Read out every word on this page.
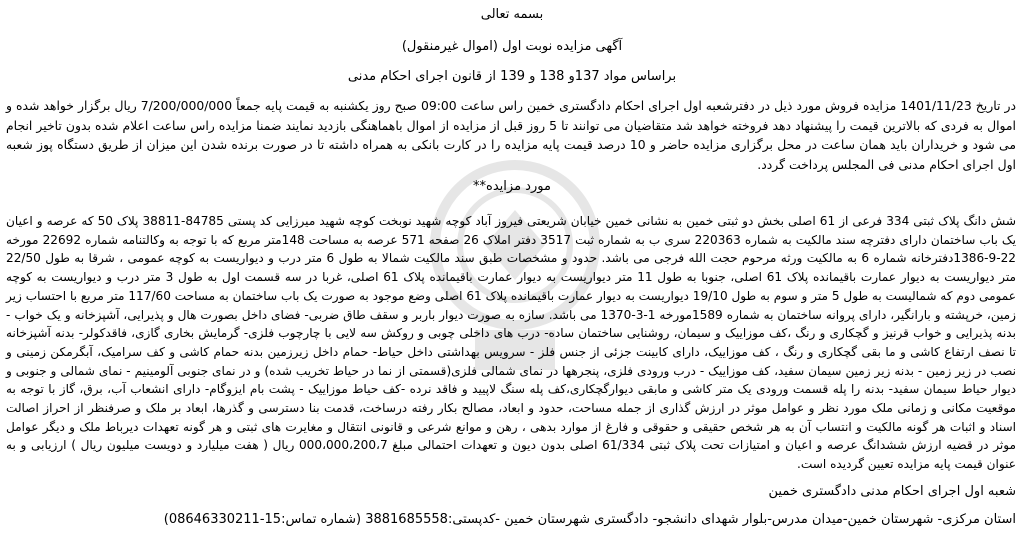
بسمه تعالی

آگهی مزایده نوبت اول (اموال غیرمنقول)

براساس مواد 137و 138 و 139 از قانون اجرای احکام مدنی

در تاریخ 1401/11/23 مزایده فروش مورد ذیل در دفترشعبه اول اجرای احکام دادگستری خمین راس ساعت 09:00 صبح روز یکشنبه به قیمت پایه جمعاً 7/200/000/000 ریال برگزار خواهد شده و اموال به فردی که بالاترین قیمت را پیشنهاد دهد فروخته خواهد شد متقاضیان می توانند تا 5 روز قبل از مزایده از اموال باهماهنگی بازدید نمایند ضمنا مزایده راس ساعت اعلام شده بدون تاخیر انجام می شود و خریداران باید همان ساعت در محل برگزاری مزایده حاضر و 10 درصد قیمت پایه مزایده را در کارت بانکی به همراه داشته تا در صورت برنده شدن این میزان از طریق دستگاه پوز شعبه اول اجرای احکام مدنی فی المجلس پرداخت گردد.

مورد مزایده**

شش دانگ پلاک ثبتی 334 فرعی از 61 اصلی بخش دو ثبتی خمین به نشانی خمین خیابان شریعتی فیروز آباد کوچه شهید نوبخت کوچه شهید میرزایی کد پستی 84785-38811 پلاک 50 که عرصه و اعیان یک باب ساختمان دارای دفترچه سند مالکیت به شماره 220363 سری ب به شماره ثبت 3517 دفتر املاک 26 صفحه 571 عرصه به مساحت 148متر مربع که با توجه به وکالتنامه شماره 22692 مورخه 22-9-1386دفترخانه شماره 6 به مالکیت ورثه مرحوم حجت الله فرجی می باشد. حدود و مشخصات طبق سند مالکیت شمالا به طول 6 متر درب و دیواریست به کوچه عمومی ، شرقا به طول 22/50 متر دیواریست به دیوار عمارت باقیمانده پلاک 61 اصلی، جنوبا به طول 11 متر دیواریست به دیوار عمارت باقیمانده پلاک 61 اصلی، غربا در سه قسمت اول به طول 3 متر درب و دیواریست به کوچه عمومی دوم که شمالیست به طول 5 متر و سوم به طول 19/10 دیواریست به دیوار عمارت باقیمانده پلاک 61 اصلی وضع موجود به صورت یک باب ساختمان به مساحت 117/60 متر مربع با احتساب زیر زمین، خرپشته و بارانگیر، دارای پروانه ساختمان به شماره 1589مورخه 1-3-1370 می باشد. سازه به صورت دیوار باربر و سقف طاق ضربی- فضای داخل بصورت هال و پذیرایی، آشپزخانه و یک خواب - بدنه پذیرایی و خواب قرنیز و گچکاری و رنگ ،کف موزاییک و سیمان، روشنایی ساختمان ساده- درب های داخلی چوبی و روکش سه لایی با چارچوب فلزی- گرمایش بخاری گازی، فاقدکولر- بدنه آشپزخانه تا نصف ارتفاع کاشی و ما بقی گچکاری و رنگ ، کف موزاییک، دارای کابینت جزئی از جنس فلز - سرویس بهداشتی داخل حیاط- حمام داخل زیرزمین بدنه حمام کاشی و کف سرامیک، آبگرمکن زمینی و نصب در زیر زمین - بدنه زیر زمین سیمان سفید، کف موزاییک - درب ورودی فلزی، پنجرهها در نمای شمالی فلزی(قسمتی از نما در حیاط تخریب شده) و در نمای جنوبی آلومینیم - نمای شمالی و جنوبی و دیوار حیاط سیمان سفید- بدنه را پله قسمت ورودی یک متر کاشی و مابقی دیوارگچکاری،کف پله سنگ لاپیید و فاقد نرده -کف حیاط موزاییک - پشت بام ایزوگام- دارای انشعاب آب، برق، گاز با توجه به موقعیت مکانی و زمانی ملک مورد نظر و عوامل موثر در ارزش گذاری از جمله مساحت، حدود و ابعاد، مصالح بکار رفته درساخت، قدمت بنا دسترسی و گذرها، ابعاد بر ملک و صرفنظر از احراز اصالت اسناد و اثبات هر گونه مالکیت و انتساب آن به هر شخص حقیقی و حقوقی و فارغ از موارد بدهی ، رهن و موانع شرعی و قانونی انتقال و مغایرت های ثبتی و هر گونه تعهدات دیرباط ملک و دیگر عوامل موثر در قضیه ارزش ششدانگ عرصه و اعیان و امتیازات تحت پلاک ثبتی 61/334 اصلی بدون دیون و تعهدات احتمالی مبلغ 000،000،200،7 ریال ( هفت میلیارد و دویست میلیون ریال ) ارزیابی و به عنوان قیمت پایه مزایده تعیین گردیده است.

شعبه اول اجرای احکام مدنی دادگستری خمین
استان مرکزی- شهرستان خمین-میدان مدرس-بلوار شهدای دانشجو- دادگستری شهرستان خمین -کدپستی:3881685558 (شماره تماس:15-08646330211)
